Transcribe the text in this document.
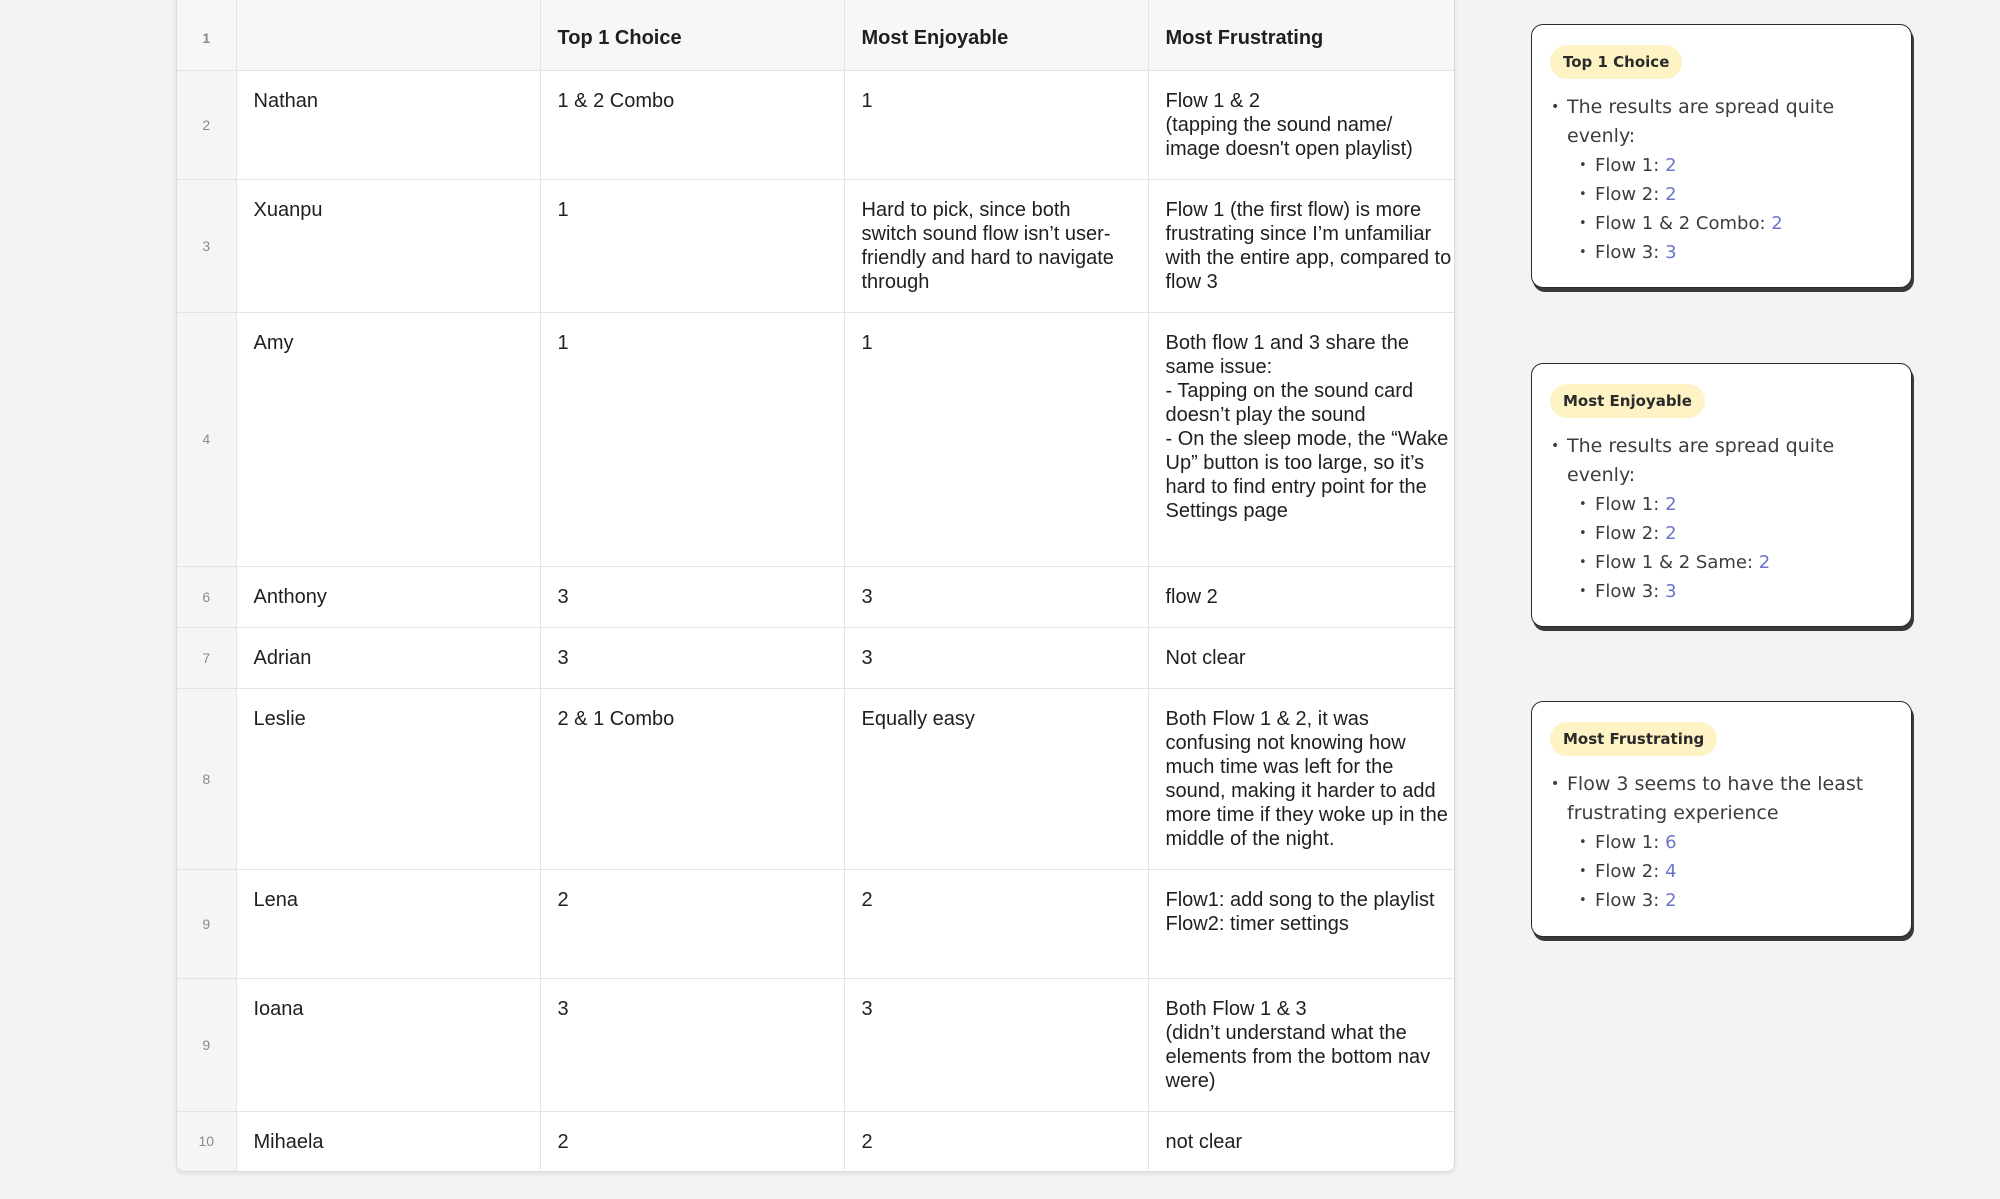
1		Top 1 Choice	Most Enjoyable	Most Frustrating
2	Nathan	1 & 2 Combo	1	Flow 1 & 2
(tapping the sound name/
image doesn't open playlist)
3	Xuanpu	1	Hard to pick, since both switch sound flow isn’t user-friendly and hard to navigate through	Flow 1 (the first flow) is more frustrating since I’m unfamiliar with the entire app, compared to flow 3
4	Amy	1	1	Both flow 1 and 3 share the same issue:
- Tapping on the sound card doesn’t play the sound
- On the sleep mode, the “Wake Up” button is too large, so it’s hard to find entry point for the Settings page
6	Anthony	3	3	flow 2
7	Adrian	3	3	Not clear
8	Leslie	2 & 1 Combo	Equally easy	Both Flow 1 & 2, it was confusing not knowing how much time was left for the sound, making it harder to add more time if they woke up in the middle of the night.
9	Lena	2	2	Flow1: add song to the playlist
Flow2: timer settings
9	Ioana	3	3	Both Flow 1 & 3
(didn’t understand what the elements from the bottom nav were)
10	Mihaela	2	2	not clear
Top 1 Choice
• The results are spread quite evenly:
• Flow 1: 2
• Flow 2: 2
• Flow 1 & 2 Combo: 2
• Flow 3: 3
Most Enjoyable
• The results are spread quite evenly:
• Flow 1: 2
• Flow 2: 2
• Flow 1 & 2 Same: 2
• Flow 3: 3
Most Frustrating
• Flow 3 seems to have the least frustrating experience
• Flow 1: 6
• Flow 2: 4
• Flow 3: 2
